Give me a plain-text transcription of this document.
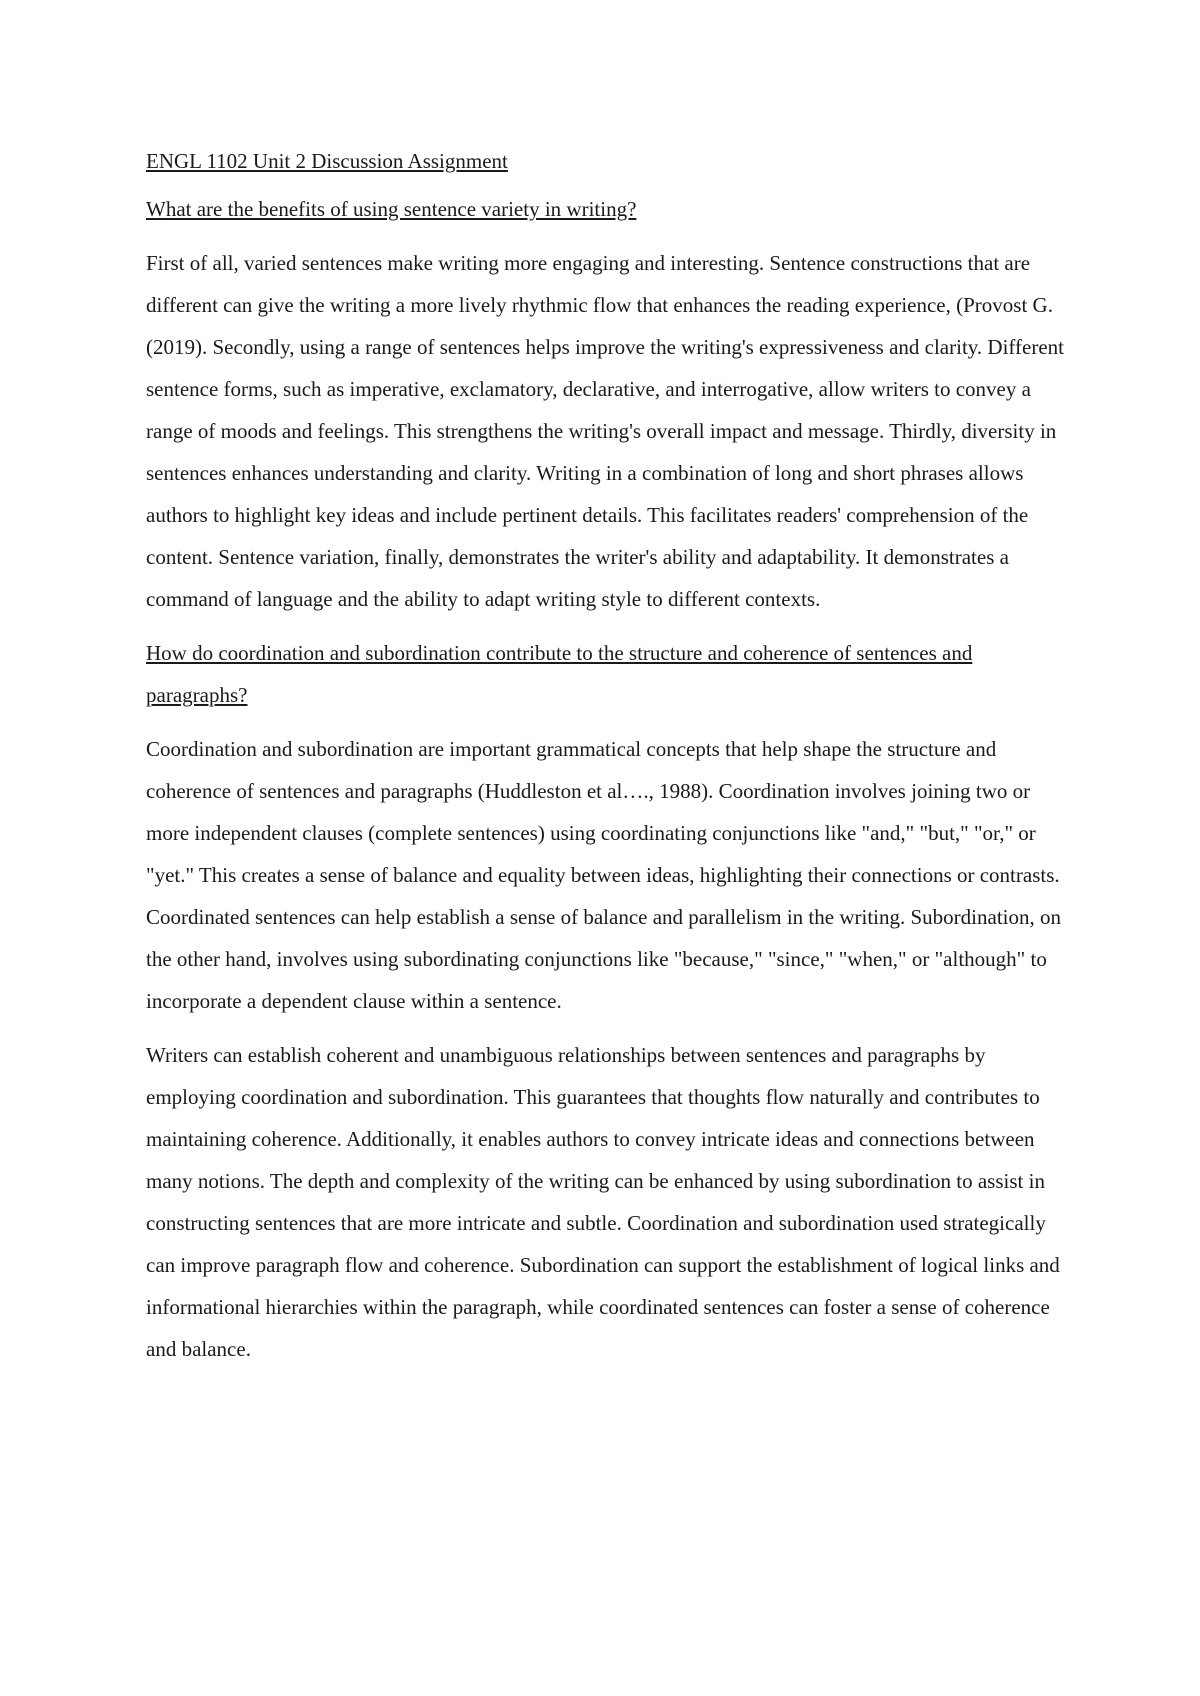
ENGL 1102 Unit 2 Discussion Assignment
What are the benefits of using sentence variety in writing?
First of all, varied sentences make writing more engaging and interesting. Sentence constructions that are different can give the writing a more lively rhythmic flow that enhances the reading experience, (Provost G. (2019). Secondly, using a range of sentences helps improve the writing's expressiveness and clarity. Different sentence forms, such as imperative, exclamatory, declarative, and interrogative, allow writers to convey a range of moods and feelings. This strengthens the writing's overall impact and message. Thirdly, diversity in sentences enhances understanding and clarity. Writing in a combination of long and short phrases allows authors to highlight key ideas and include pertinent details. This facilitates readers' comprehension of the content. Sentence variation, finally, demonstrates the writer's ability and adaptability. It demonstrates a command of language and the ability to adapt writing style to different contexts.
How do coordination and subordination contribute to the structure and coherence of sentences and paragraphs?
Coordination and subordination are important grammatical concepts that help shape the structure and coherence of sentences and paragraphs (Huddleston et al…., 1988). Coordination involves joining two or more independent clauses (complete sentences) using coordinating conjunctions like "and," "but," "or," or "yet." This creates a sense of balance and equality between ideas, highlighting their connections or contrasts. Coordinated sentences can help establish a sense of balance and parallelism in the writing. Subordination, on the other hand, involves using subordinating conjunctions like "because," "since," "when," or "although" to incorporate a dependent clause within a sentence.
Writers can establish coherent and unambiguous relationships between sentences and paragraphs by employing coordination and subordination. This guarantees that thoughts flow naturally and contributes to maintaining coherence. Additionally, it enables authors to convey intricate ideas and connections between many notions. The depth and complexity of the writing can be enhanced by using subordination to assist in constructing sentences that are more intricate and subtle. Coordination and subordination used strategically can improve paragraph flow and coherence. Subordination can support the establishment of logical links and informational hierarchies within the paragraph, while coordinated sentences can foster a sense of coherence and balance.
